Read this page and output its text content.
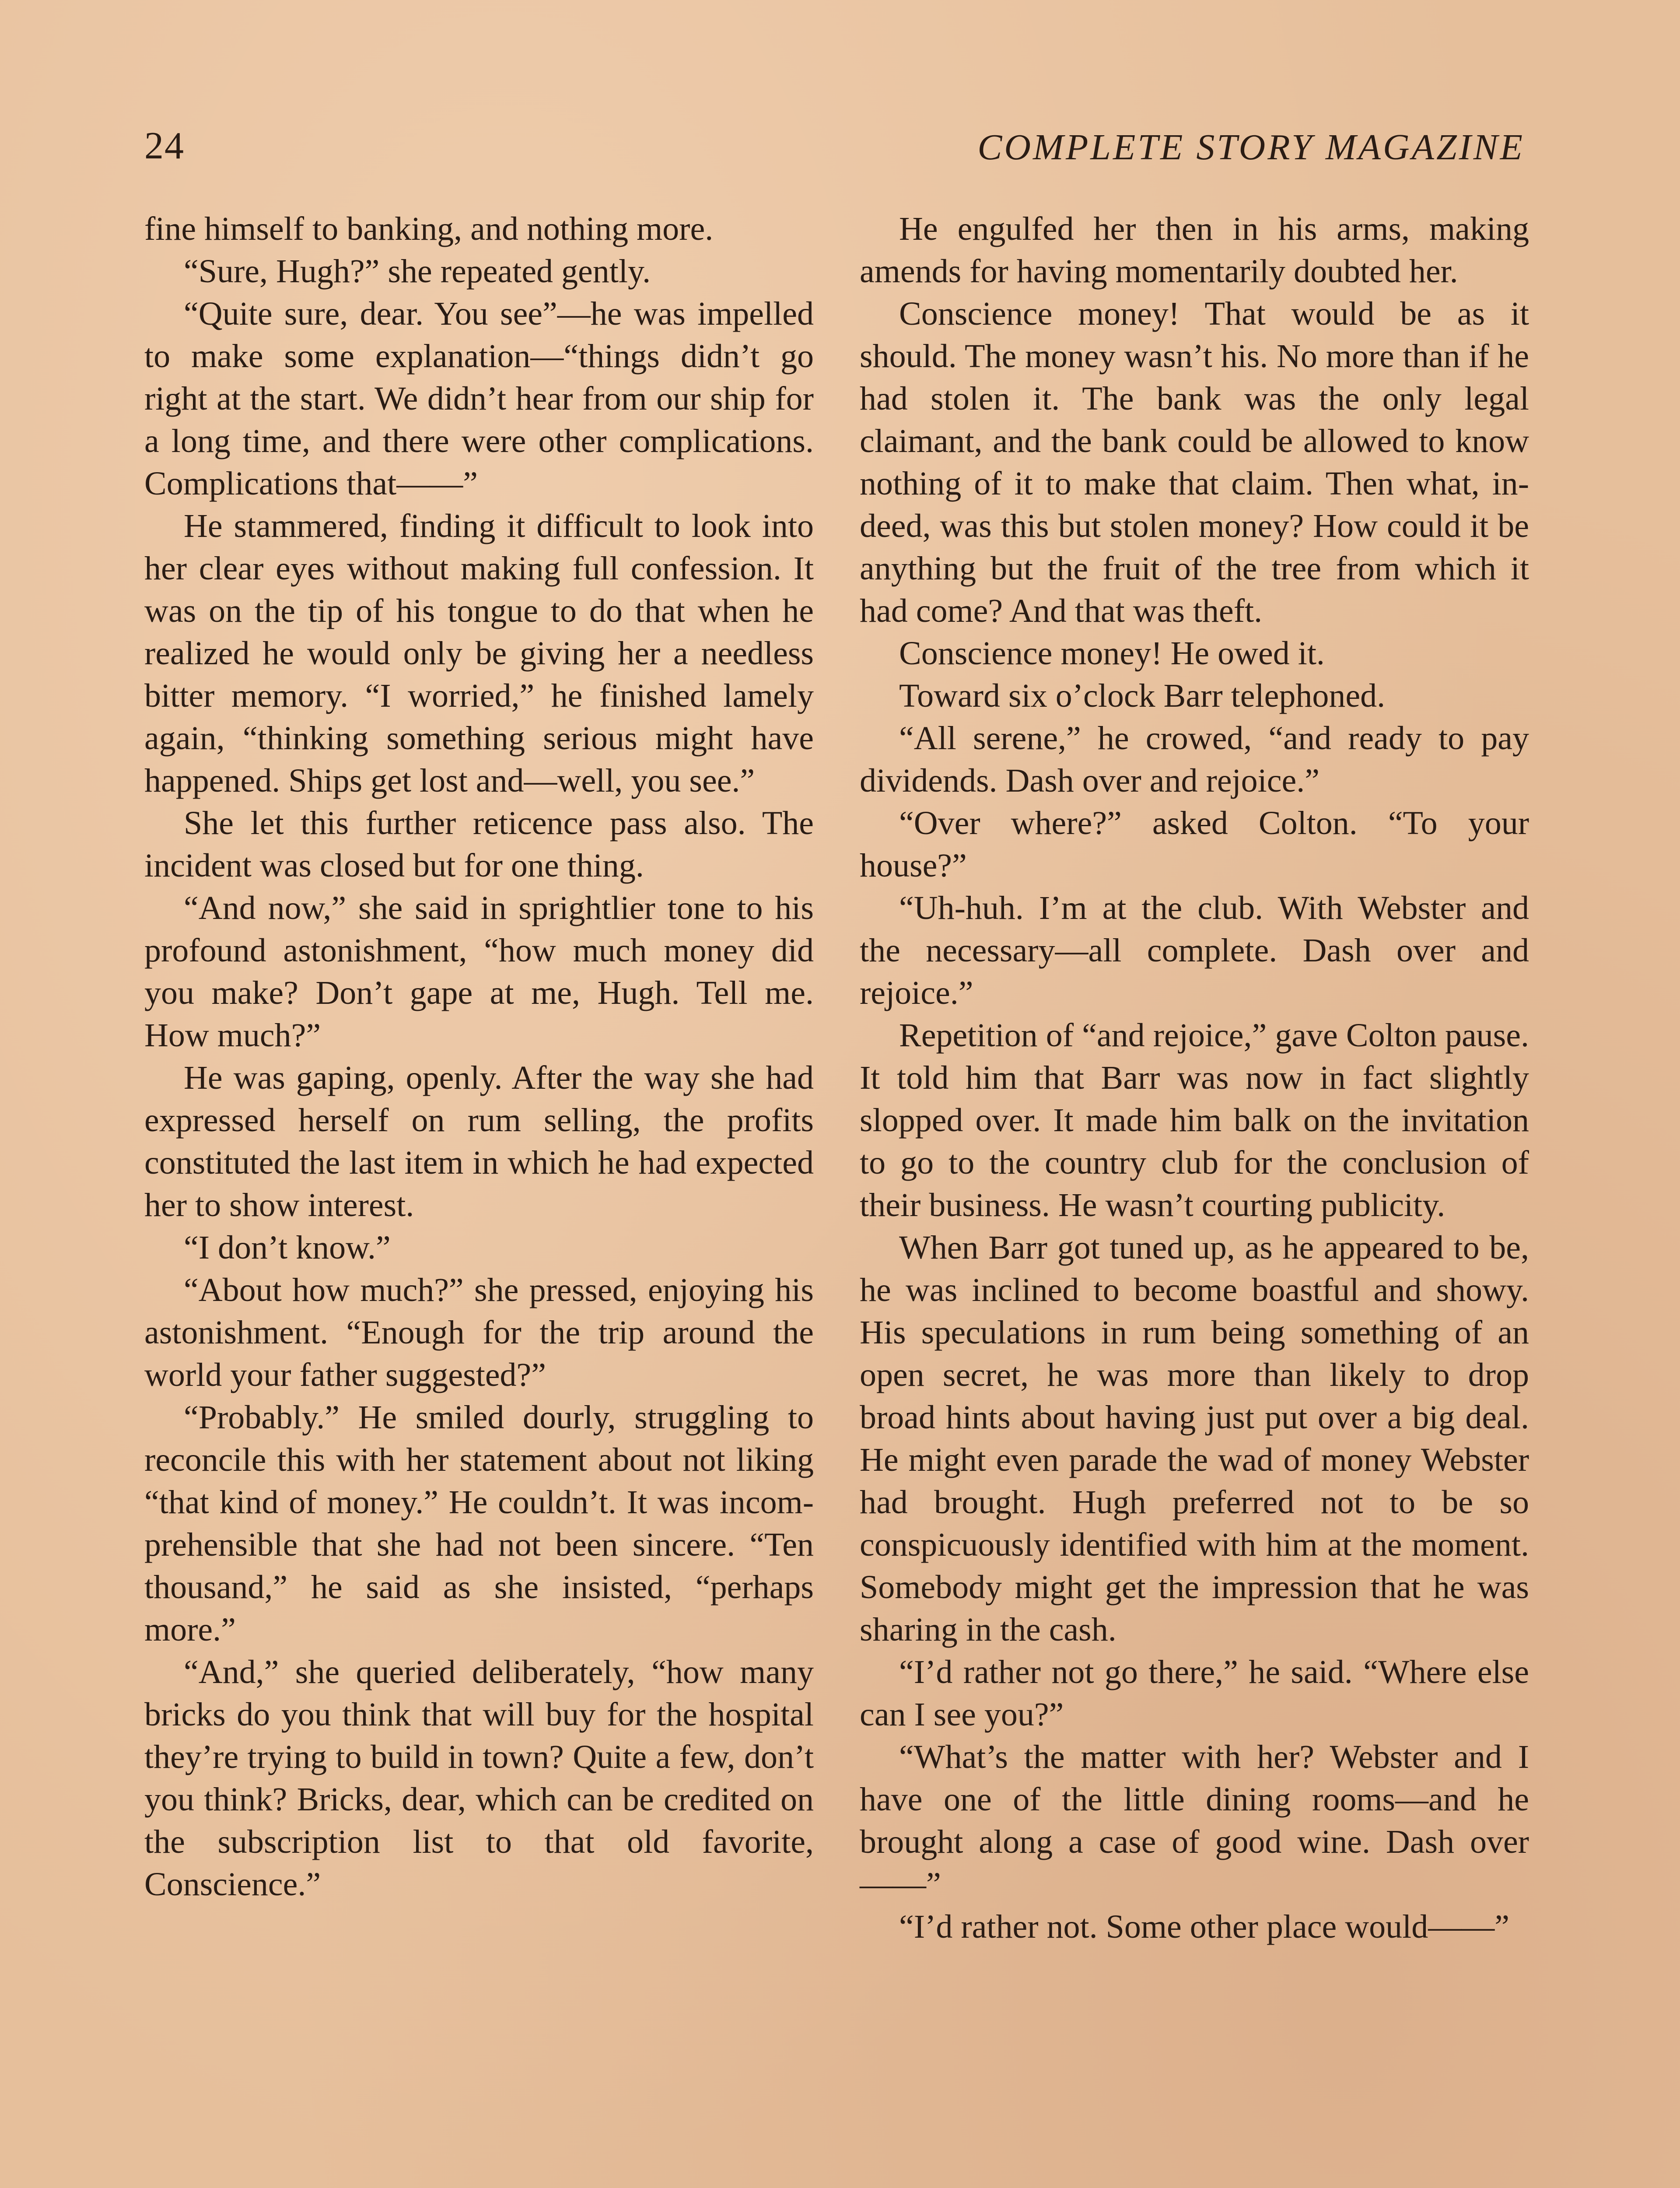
24	COMPLETE STORY MAGAZINE

fine himself to banking, and nothing more.

“Sure, Hugh?” she repeated gently.

“Quite sure, dear. You see”—he was impelled to make some explanation—“things didn’t go right at the start. We didn’t hear from our ship for a long time, and there were other complications. Complications that——”

He stammered, finding it difficult to look into her clear eyes without making full confession. It was on the tip of his tongue to do that when he realized he would only be giving her a needless bitter memory. “I worried,” he finished lamely again, “thinking something serious might have happened. Ships get lost and—well, you see.”

She let this further reticence pass also. The incident was closed but for one thing.

“And now,” she said in sprightlier tone to his profound astonishment, “how much money did you make? Don’t gape at me, Hugh. Tell me. How much?”

He was gaping, openly. After the way she had expressed herself on rum selling, the profits constituted the last item in which he had expected her to show interest.

“I don’t know.”

“About how much?” she pressed, enjoying his astonishment. “Enough for the trip around the world your father suggested?”

“Probably.” He smiled dourly, struggling to reconcile this with her statement about not liking “that kind of money.” He couldn’t. It was incomprehensible that she had not been sincere. “Ten thousand,” he said as she insisted, “perhaps more.”

“And,” she queried deliberately, “how many bricks do you think that will buy for the hospital they’re trying to build in town? Quite a few, don’t you think? Bricks, dear, which can be credited on the subscription list to that old favorite, Conscience.”

He engulfed her then in his arms, making amends for having momentarily doubted her.

Conscience money! That would be as it should. The money wasn’t his. No more than if he had stolen it. The bank was the only legal claimant, and the bank could be allowed to know nothing of it to make that claim. Then what, indeed, was this but stolen money? How could it be anything but the fruit of the tree from which it had come? And that was theft.

Conscience money! He owed it.

Toward six o’clock Barr telephoned.

“All serene,” he crowed, “and ready to pay dividends. Dash over and rejoice.”

“Over where?” asked Colton. “To your house?”

“Uh-huh. I’m at the club. With Webster and the necessary—all complete. Dash over and rejoice.”

Repetition of “and rejoice,” gave Colton pause. It told him that Barr was now in fact slightly slopped over. It made him balk on the invitation to go to the country club for the conclusion of their business. He wasn’t courting publicity.

When Barr got tuned up, as he appeared to be, he was inclined to become boastful and showy. His speculations in rum being something of an open secret, he was more than likely to drop broad hints about having just put over a big deal. He might even parade the wad of money Webster had brought. Hugh preferred not to be so conspicuously identified with him at the moment. Somebody might get the impression that he was sharing in the cash.

“I’d rather not go there,” he said. “Where else can I see you?”

“What’s the matter with her? Webster and I have one of the little dining rooms—and he brought along a case of good wine. Dash over——”

“I’d rather not. Some other place would——”
